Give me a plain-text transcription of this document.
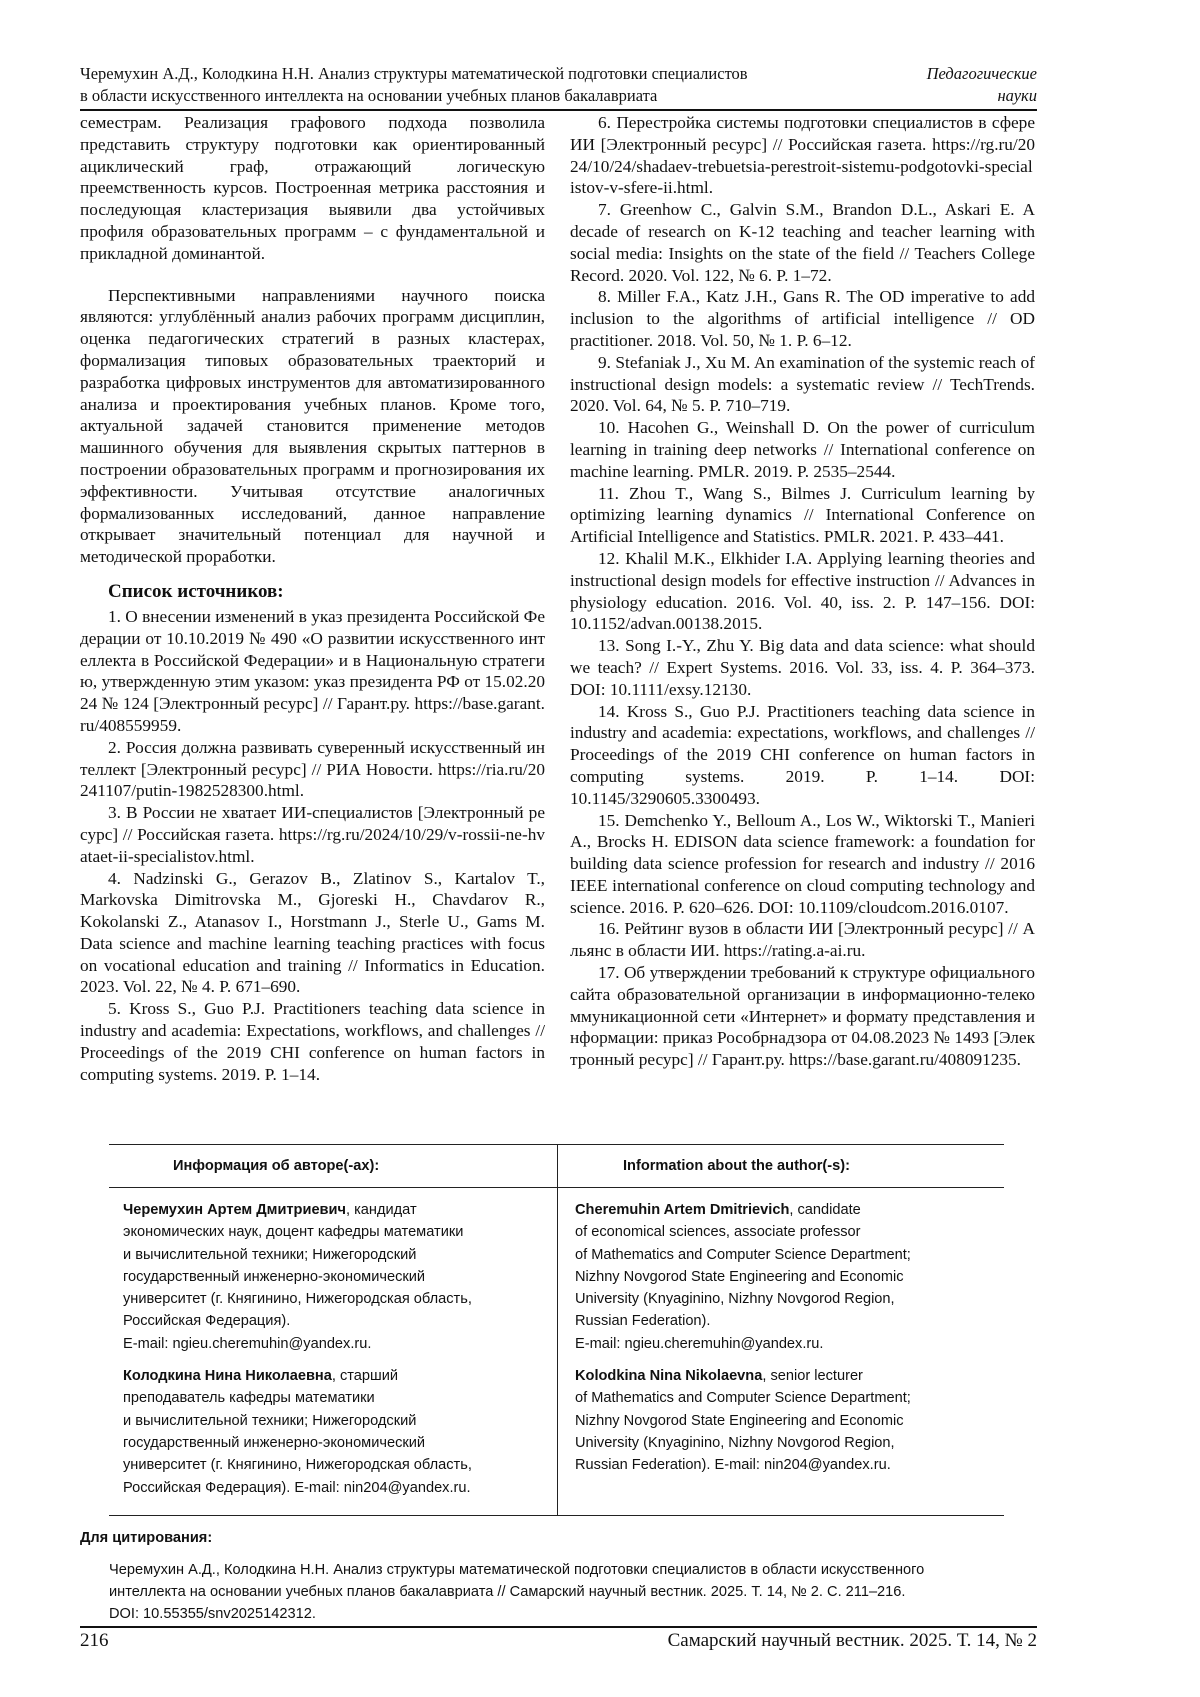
Черемухин А.Д., Колодкина Н.Н. Анализ структуры математической подготовки специалистов
в области искусственного интеллекта на основании учебных планов бакалавриата
Педагогические
науки

семестрам. Реализация графового подхода позволила представить структуру подготовки как ориентированный ациклический граф, отражающий логическую преемственность курсов. Построенная метрика расстояния и последующая кластеризация выявили два устойчивых профиля образовательных программ – с фундаментальной и прикладной доминантой.

Перспективными направлениями научного поиска являются: углублённый анализ рабочих программ дисциплин, оценка педагогических стратегий в разных кластерах, формализация типовых образовательных траекторий и разработка цифровых инструментов для автоматизированного анализа и проектирования учебных планов. Кроме того, актуальной задачей становится применение методов машинного обучения для выявления скрытых паттернов в построении образовательных программ и прогнозирования их эффективности. Учитывая отсутствие аналогичных формализованных исследований, данное направление открывает значительный потенциал для научной и методической проработки.

Список источников:

1. О внесении изменений в указ президента Российской Федерации от 10.10.2019 № 490 «О развитии искусственного интеллекта в Российской Федерации» и в Национальную стратегию, утвержденную этим указом: указ президента РФ от 15.02.2024 № 124 [Электронный ресурс] // Гарант.ру. https://base.garant.ru/408559959.

2. Россия должна развивать суверенный искусственный интеллект [Электронный ресурс] // РИА Новости. https://ria.ru/20241107/putin-1982528300.html.

3. В России не хватает ИИ-специалистов [Электронный ресурс] // Российская газета. https://rg.ru/2024/10/29/v-rossii-ne-hvataet-ii-specialistov.html.

4. Nadzinski G., Gerazov B., Zlatinov S., Kartalov T., Markovska Dimitrovska M., Gjoreski H., Chavdarov R., Kokolanski Z., Atanasov I., Horstmann J., Sterle U., Gams M. Data science and machine learning teaching practices with focus on vocational education and training // Informatics in Education. 2023. Vol. 22, № 4. P. 671–690.

5. Kross S., Guo P.J. Practitioners teaching data science in industry and academia: Expectations, workflows, and challenges // Proceedings of the 2019 CHI conference on human factors in computing systems. 2019. P. 1–14.

6. Перестройка системы подготовки специалистов в сфере ИИ [Электронный ресурс] // Российская газета. https://rg.ru/2024/10/24/shadaev-trebuetsia-perestroit-sistemu-podgotovki-specialistov-v-sfere-ii.html.

7. Greenhow C., Galvin S.M., Brandon D.L., Askari E. A decade of research on K-12 teaching and teacher learning with social media: Insights on the state of the field // Teachers College Record. 2020. Vol. 122, № 6. P. 1–72.

8. Miller F.A., Katz J.H., Gans R. The OD imperative to add inclusion to the algorithms of artificial intelligence // OD practitioner. 2018. Vol. 50, № 1. P. 6–12.

9. Stefaniak J., Xu M. An examination of the systemic reach of instructional design models: a systematic review // TechTrends. 2020. Vol. 64, № 5. P. 710–719.

10. Hacohen G., Weinshall D. On the power of curriculum learning in training deep networks // International conference on machine learning. PMLR. 2019. P. 2535–2544.

11. Zhou T., Wang S., Bilmes J. Curriculum learning by optimizing learning dynamics // International Conference on Artificial Intelligence and Statistics. PMLR. 2021. P. 433–441.

12. Khalil M.K., Elkhider I.A. Applying learning theories and instructional design models for effective instruction // Advances in physiology education. 2016. Vol. 40, iss. 2. P. 147–156. DOI: 10.1152/advan.00138.2015.

13. Song I.-Y., Zhu Y. Big data and data science: what should we teach? // Expert Systems. 2016. Vol. 33, iss. 4. P. 364–373. DOI: 10.1111/exsy.12130.

14. Kross S., Guo P.J. Practitioners teaching data science in industry and academia: expectations, workflows, and challenges // Proceedings of the 2019 CHI conference on human factors in computing systems. 2019. P. 1–14. DOI: 10.1145/3290605.3300493.

15. Demchenko Y., Belloum A., Los W., Wiktorski T., Manieri A., Brocks H. EDISON data science framework: a foundation for building data science profession for research and industry // 2016 IEEE international conference on cloud computing technology and science. 2016. P. 620–626. DOI: 10.1109/cloudcom.2016.0107.

16. Рейтинг вузов в области ИИ [Электронный ресурс] // Альянс в области ИИ. https://rating.a-ai.ru.

17. Об утверждении требований к структуре официального сайта образовательной организации в информационно-телекоммуникационной сети «Интернет» и формату представления информации: приказ Рособрнадзора от 04.08.2023 № 1493 [Электронный ресурс] // Гарант.ру. https://base.garant.ru/408091235.

Информация об авторе(-ах):	Information about the author(-s):
Черемухин Артем Дмитриевич, кандидат
экономических наук, доцент кафедры математики
и вычислительной техники; Нижегородский
государственный инженерно-экономический
университет (г. Княгинино, Нижегородская область,
Российская Федерация).
E-mail: ngieu.cheremuhin@yandex.ru.
Колодкина Нина Николаевна, старший
преподаватель кафедры математики
и вычислительной техники; Нижегородский
государственный инженерно-экономический
университет (г. Княгинино, Нижегородская область,
Российская Федерация). E-mail: nin204@yandex.ru.
Cheremuhin Artem Dmitrievich, candidate
of economical sciences, associate professor
of Mathematics and Computer Science Department;
Nizhny Novgorod State Engineering and Economic
University (Knyaginino, Nizhny Novgorod Region,
Russian Federation).
E-mail: ngieu.cheremuhin@yandex.ru.
Kolodkina Nina Nikolaevna, senior lecturer
of Mathematics and Computer Science Department;
Nizhny Novgorod State Engineering and Economic
University (Knyaginino, Nizhny Novgorod Region,
Russian Federation). E-mail: nin204@yandex.ru.
Для цитирования:
Черемухин А.Д., Колодкина Н.Н. Анализ структуры математической подготовки специалистов в области искусственного
интеллекта на основании учебных планов бакалавриата // Самарский научный вестник. 2025. Т. 14, № 2. С. 211–216.
DOI: 10.55355/snv2025142312.
216	Самарский научный вестник. 2025. Т. 14, № 2
